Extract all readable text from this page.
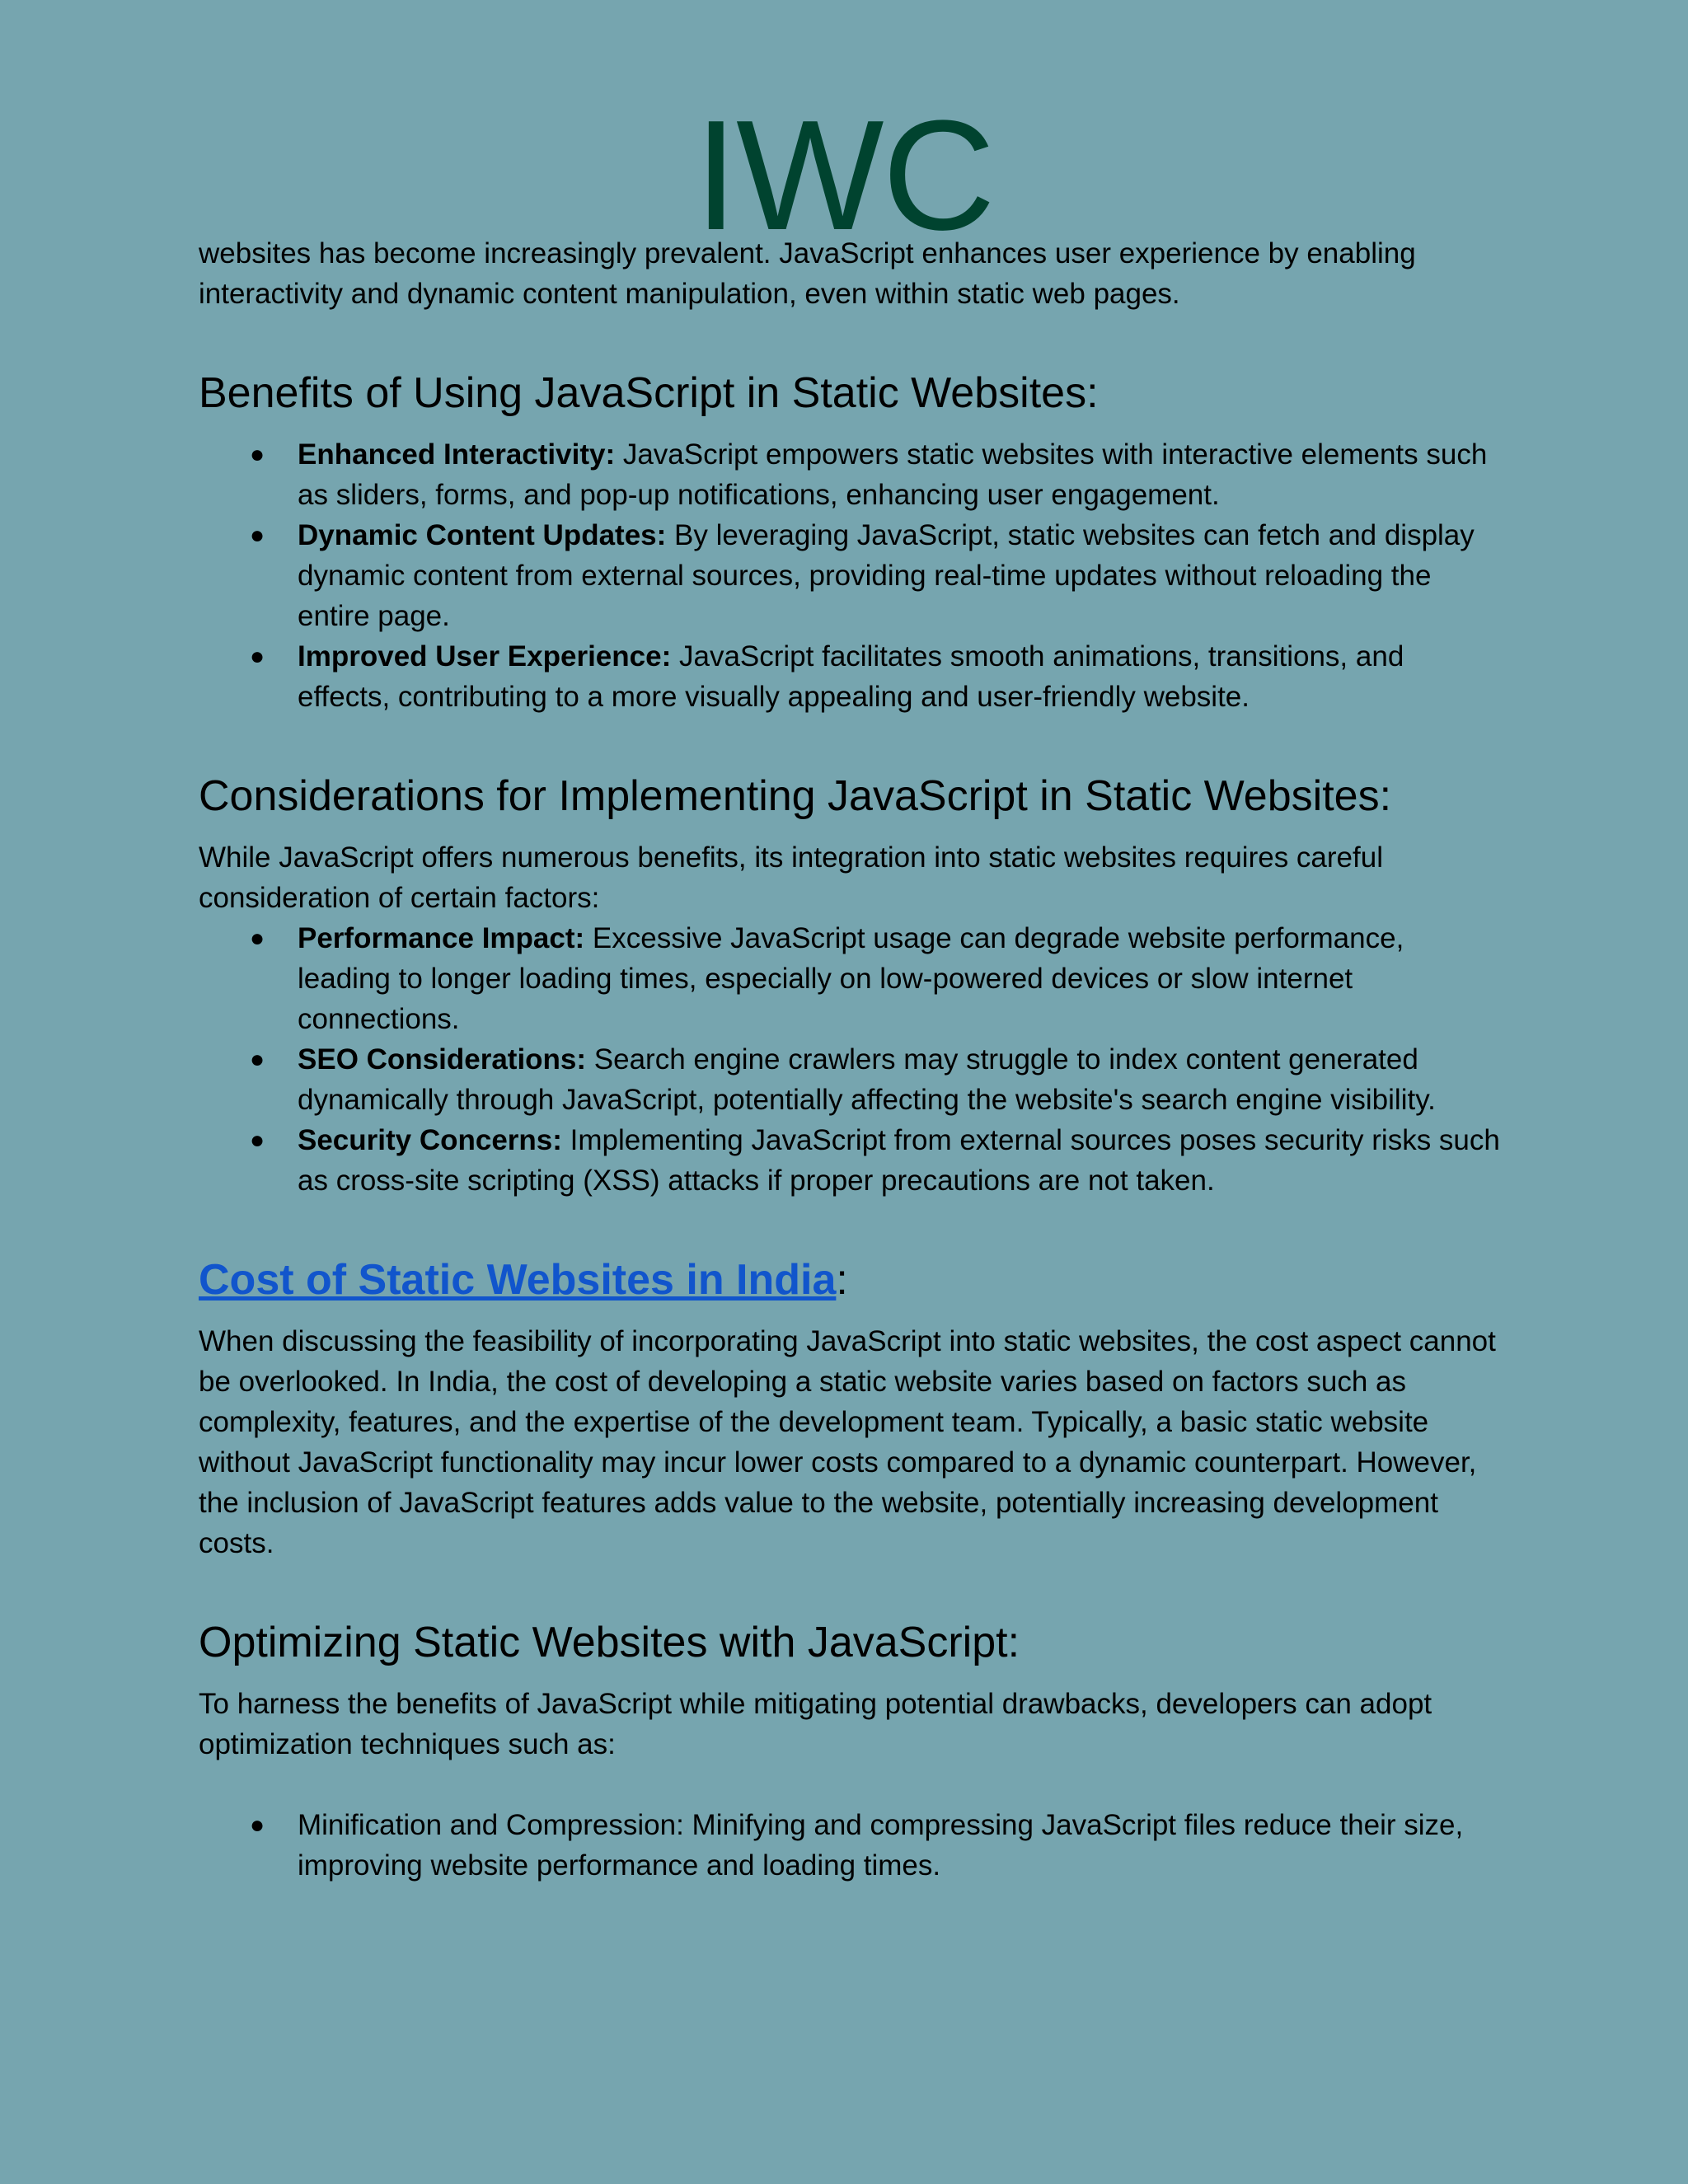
IWC

websites has become increasingly prevalent. JavaScript enhances user experience by enabling interactivity and dynamic content manipulation, even within static web pages.

Benefits of Using JavaScript in Static Websites:
● Enhanced Interactivity: JavaScript empowers static websites with interactive elements such as sliders, forms, and pop-up notifications, enhancing user engagement.
● Dynamic Content Updates: By leveraging JavaScript, static websites can fetch and display dynamic content from external sources, providing real-time updates without reloading the entire page.
● Improved User Experience: JavaScript facilitates smooth animations, transitions, and effects, contributing to a more visually appealing and user-friendly website.
Considerations for Implementing JavaScript in Static Websites:

While JavaScript offers numerous benefits, its integration into static websites requires careful consideration of certain factors:

● Performance Impact: Excessive JavaScript usage can degrade website performance, leading to longer loading times, especially on low-powered devices or slow internet connections.
● SEO Considerations: Search engine crawlers may struggle to index content generated dynamically through JavaScript, potentially affecting the website's search engine visibility.
● Security Concerns: Implementing JavaScript from external sources poses security risks such as cross-site scripting (XSS) attacks if proper precautions are not taken.
Cost of Static Websites in India:

When discussing the feasibility of incorporating JavaScript into static websites, the cost aspect cannot be overlooked. In India, the cost of developing a static website varies based on factors such as complexity, features, and the expertise of the development team. Typically, a basic static website without JavaScript functionality may incur lower costs compared to a dynamic counterpart. However, the inclusion of JavaScript features adds value to the website, potentially increasing development costs.

Optimizing Static Websites with JavaScript:

To harness the benefits of JavaScript while mitigating potential drawbacks, developers can adopt optimization techniques such as:

● Minification and Compression: Minifying and compressing JavaScript files reduce their size, improving website performance and loading times.
